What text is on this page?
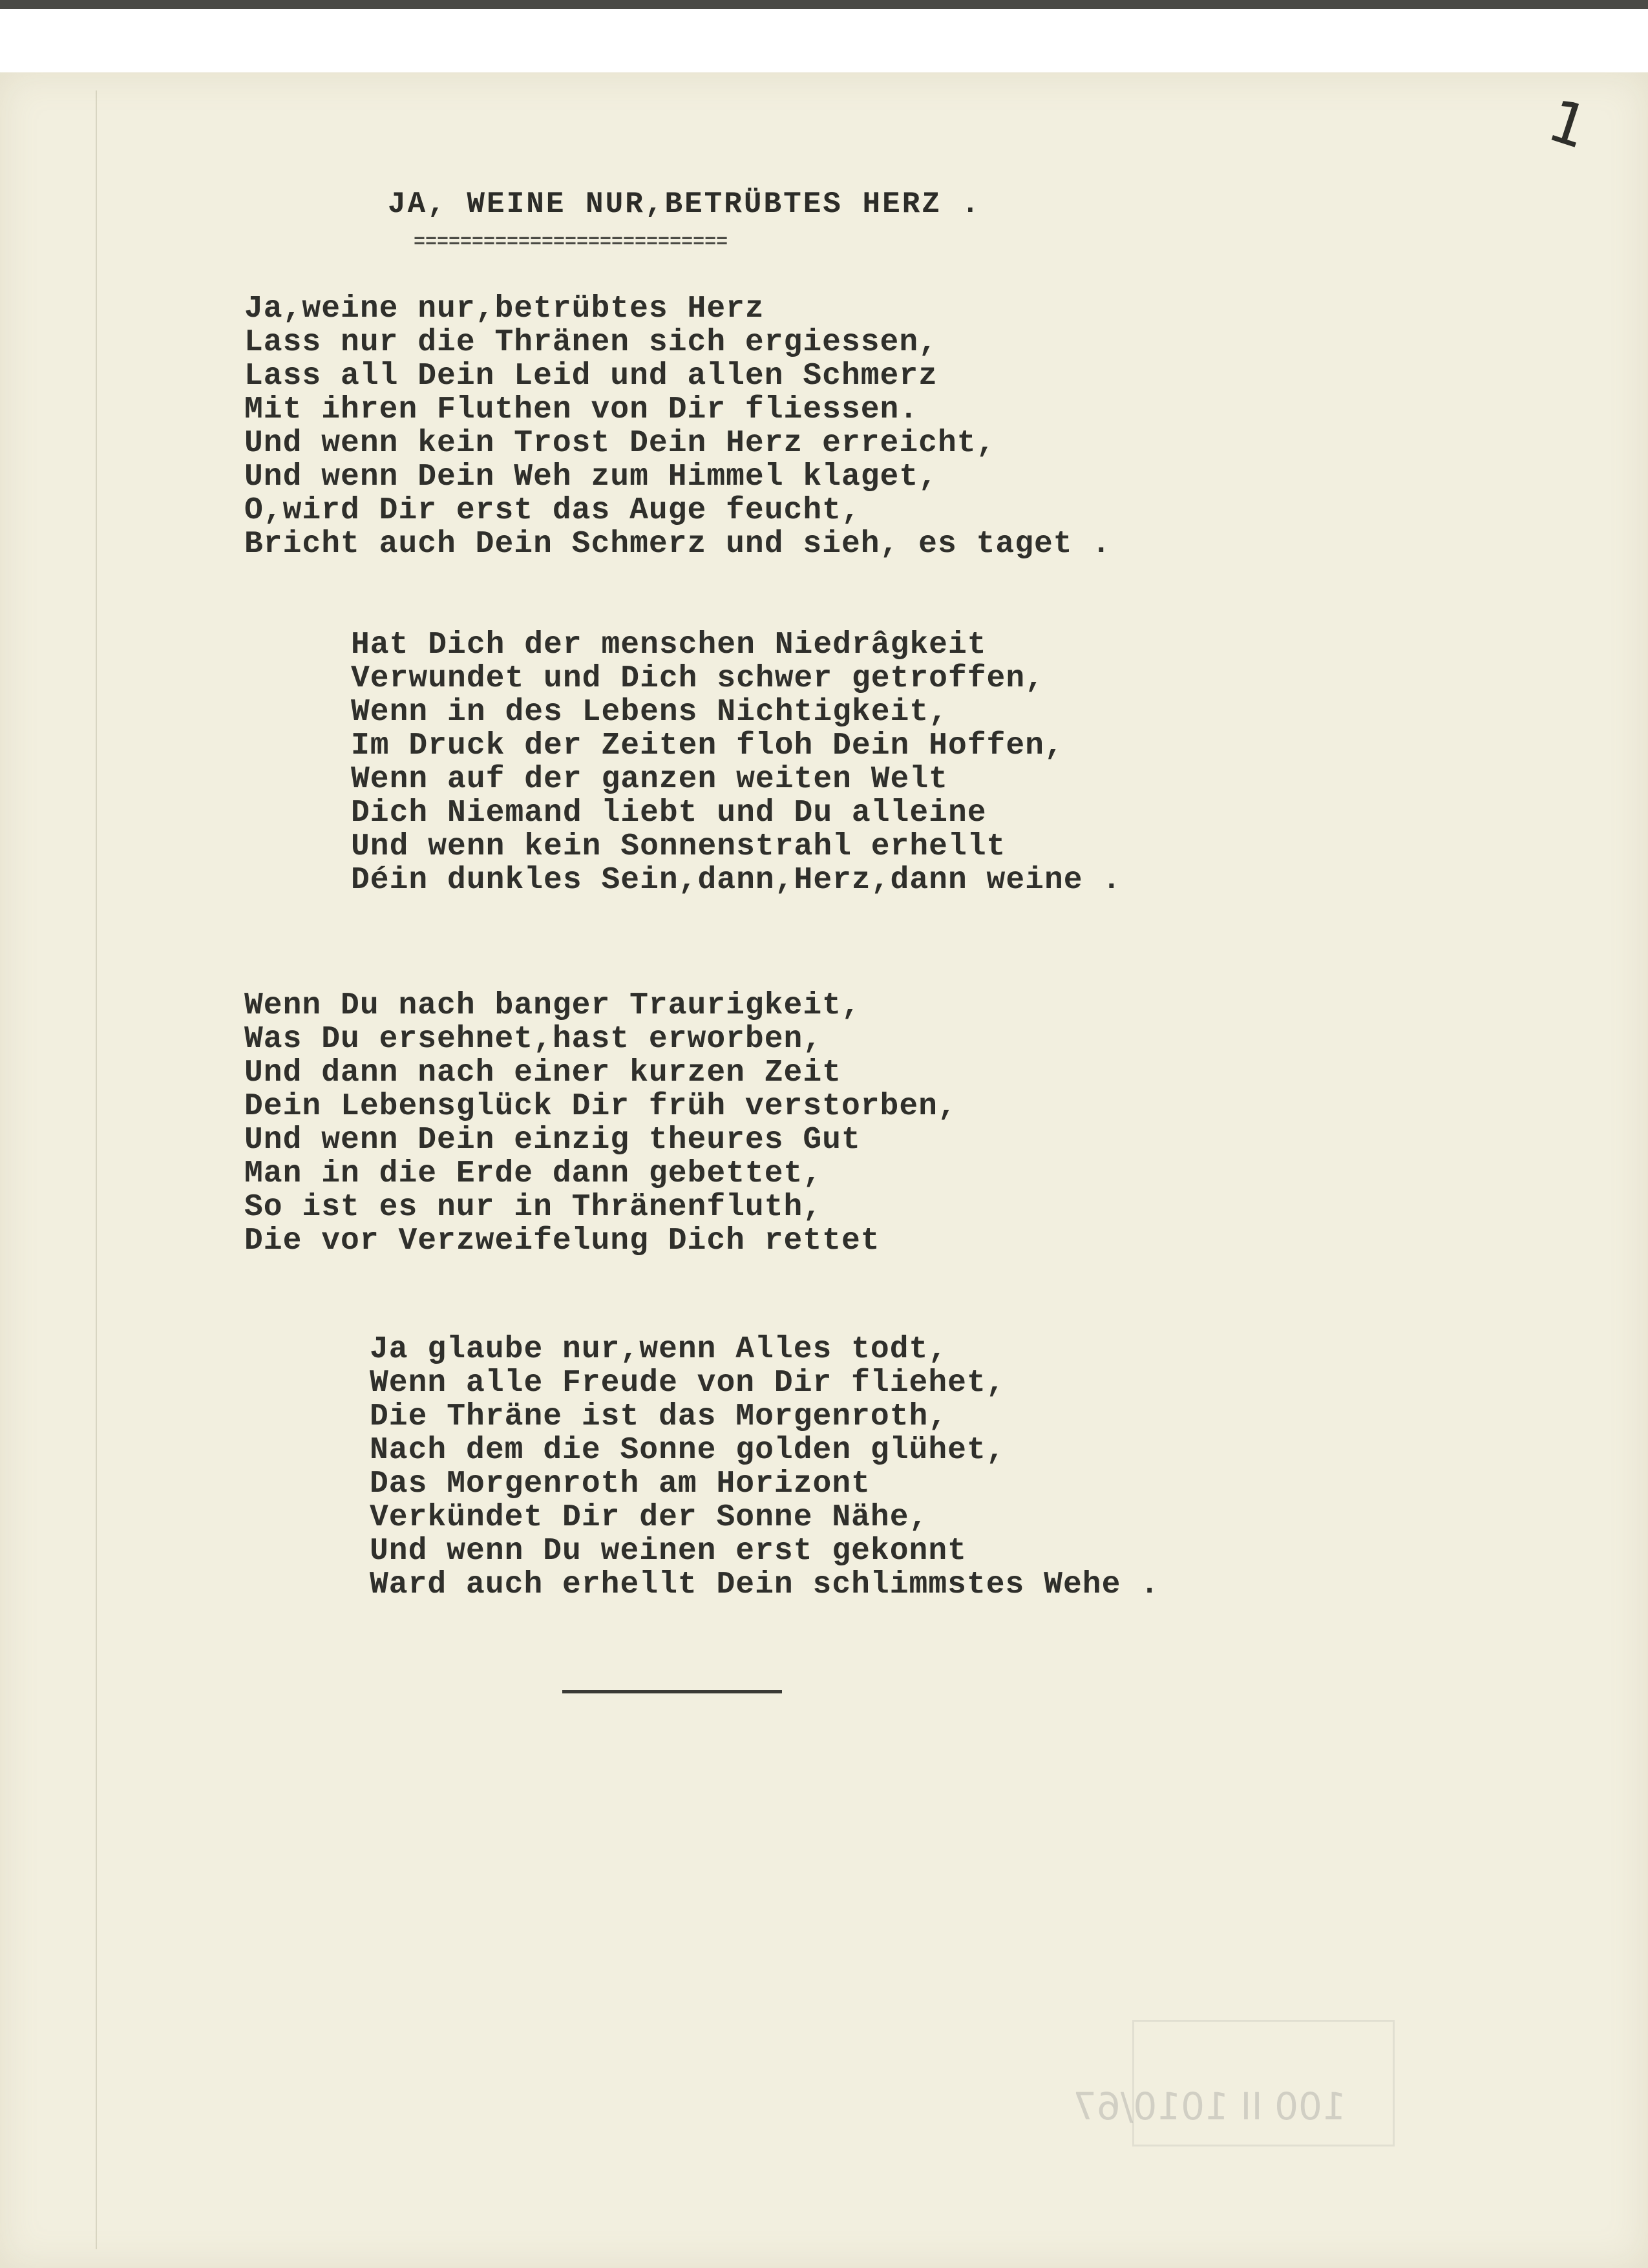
1
JA, WEINE NUR,BETRÜBTES HERZ .
===========================
Ja,weine nur,betrübtes Herz
Lass nur die Thränen sich ergiessen,
Lass all Dein Leid und allen Schmerz
Mit ihren Fluthen von Dir fliessen.
Und wenn kein Trost Dein Herz erreicht,
Und wenn Dein Weh zum Himmel klaget,
O,wird Dir erst das Auge feucht,
Bricht auch Dein Schmerz und sieh, es taget .
Hat Dich der menschen Niedrâgkeit
Verwundet und Dich schwer getroffen,
Wenn in des Lebens Nichtigkeit,
Im Druck der Zeiten floh Dein Hoffen,
Wenn auf der ganzen weiten Welt
Dich Niemand liebt und Du alleine
Und wenn kein Sonnenstrahl erhellt
Déin dunkles Sein,dann,Herz,dann weine .
Wenn Du nach banger Traurigkeit,
Was Du ersehnet,hast erworben,
Und dann nach einer kurzen Zeit
Dein Lebensglück Dir früh verstorben,
Und wenn Dein einzig theures Gut
Man in die Erde dann gebettet,
So ist es nur in Thränenfluth,
Die vor Verzweifelung Dich rettet
Ja glaube nur,wenn Alles todt,
Wenn alle Freude von Dir fliehet,
Die Thräne ist das Morgenroth,
Nach dem die Sonne golden glühet,
Das Morgenroth am Horizont
Verkündet Dir der Sonne Nähe,
Und wenn Du weinen erst gekonnt
Ward auch erhellt Dein schlimmstes Wehe .
100 II 1010/67
